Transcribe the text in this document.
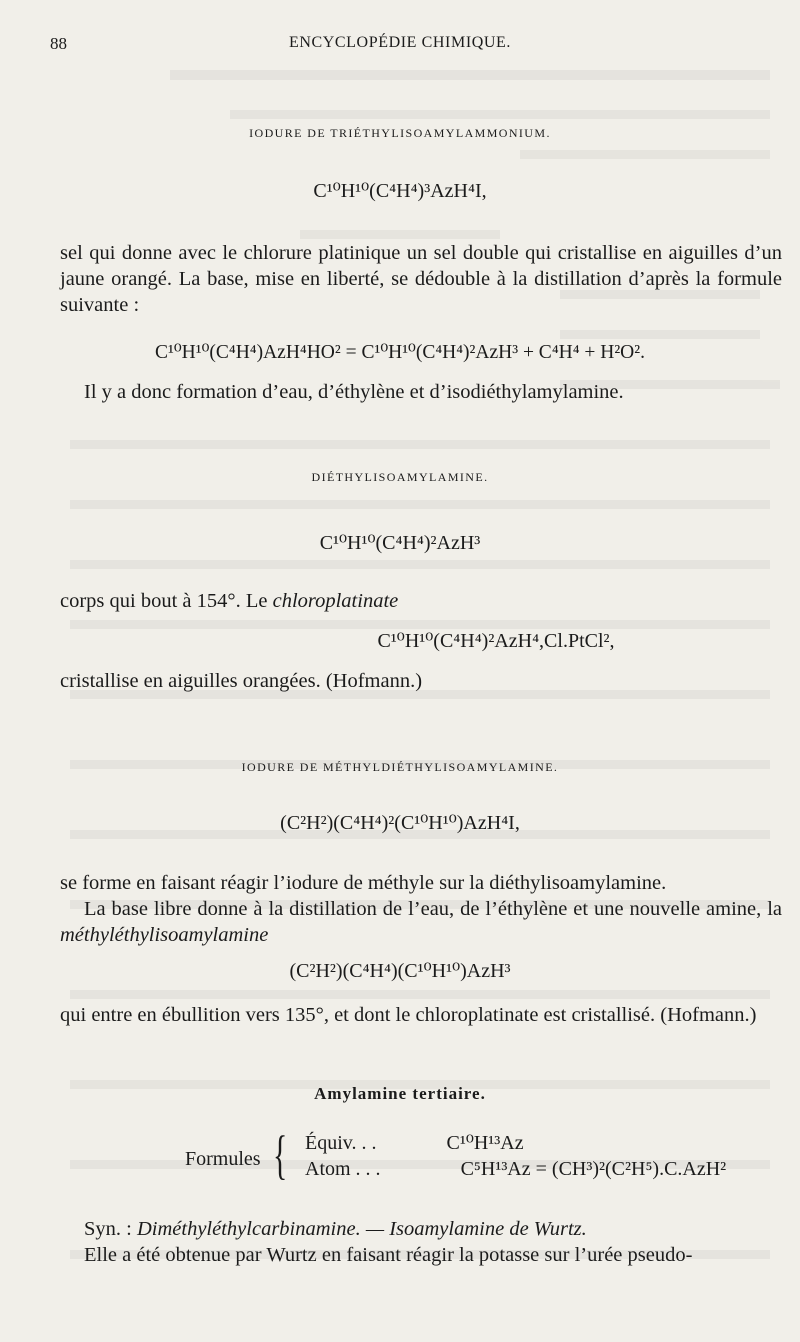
88	ENCYCLOPÉDIE CHIMIQUE.
IODURE DE TRIÉTHYLISOAMYLAMMONIUM.
C¹⁰H¹⁰(C⁴H⁴)³AzH⁴I,
sel qui donne avec le chlorure platinique un sel double qui cristallise en aiguilles d’un jaune orangé. La base, mise en liberté, se dédouble à la distillation d’après la formule suivante :
C¹⁰H¹⁰(C⁴H⁴)AzH⁴HO² = C¹⁰H¹⁰(C⁴H⁴)²AzH³ + C⁴H⁴ + H²O².
Il y a donc formation d’eau, d’éthylène et d’isodiéthylamylamine.
DIÉTHYLISOAMYLAMINE.
C¹⁰H¹⁰(C⁴H⁴)²AzH³
corps qui bout à 154°. Le chloroplatinate
C¹⁰H¹⁰(C⁴H⁴)²AzH⁴,Cl.PtCl²,
cristallise en aiguilles orangées. (Hofmann.)
IODURE DE MÉTHYLDIÉTHYLISOAMYLAMINE.
(C²H²)(C⁴H⁴)²(C¹⁰H¹⁰)AzH⁴I,
se forme en faisant réagir l’iodure de méthyle sur la diéthylisoamylamine.
La base libre donne à la distillation de l’eau, de l’éthylène et une nouvelle amine, la méthyléthylisoamylamine
(C²H²)(C⁴H⁴)(C¹⁰H¹⁰)AzH³
qui entre en ébullition vers 135°, et dont le chloroplatinate est cristallisé. (Hofmann.)
Amylamine tertiaire.
Formules { Équiv. . .	C¹⁰H¹³Az
Atom . . .	C⁵H¹³Az = (CH³)²(C²H⁵).C.AzH²
Syn. : Diméthyléthylcarbinamine. — Isoamylamine de Wurtz.
Elle a été obtenue par Wurtz en faisant réagir la potasse sur l’urée pseudo-
